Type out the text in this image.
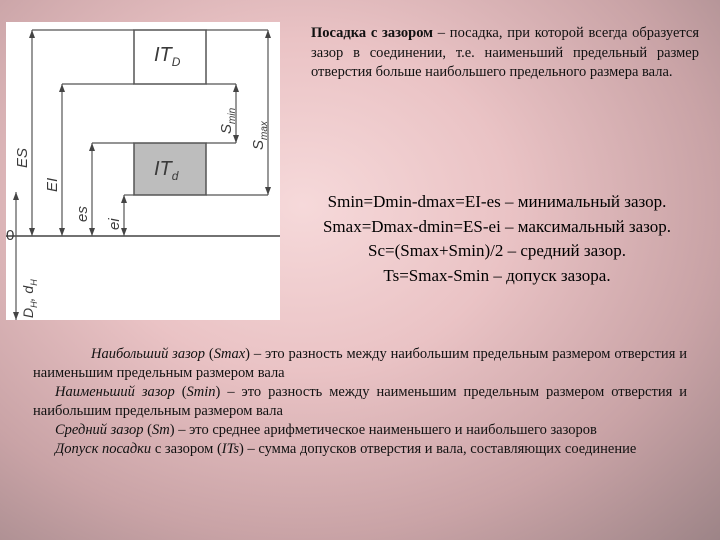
$IT_D$
$IT_d$
ES
EI
es
ei
$S_{min}$
$S_{max}$
0
$D_H$, $d_H$
Посадка с зазором – посадка, при которой всегда образуется зазор в соединении, т.е. наименьший предельный размер отверстия больше наибольшего предельного размера вала.
Smin=Dmin-dmax=EI-es – минимальный зазор.
Smax=Dmax-dmin=ES-ei – максимальный зазор.
Sc=(Smax+Smin)/2 – средний зазор.
Ts=Smax-Smin – допуск зазора.

Наибольший зазор (Smax) – это разность между наибольшим предельным размером отверстия и наименьшим предельным размером вала

Наименьший зазор (Smin) – это разность между наименьшим предельным размером отверстия и наибольшим предельным размером вала

Средний зазор (Sm) – это среднее арифметическое наименьшего и наибольшего зазоров

Допуск посадки с зазором (ITs) – сумма допусков отверстия и вала, составляющих соединение
